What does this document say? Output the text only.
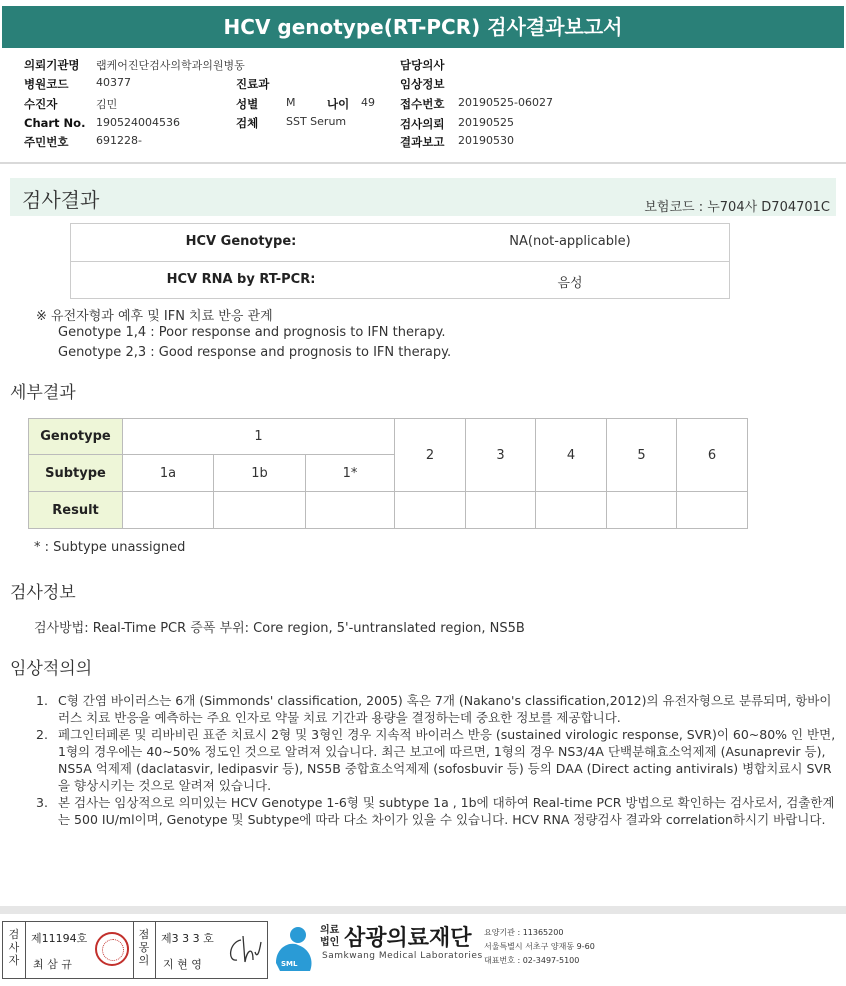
HCV genotype(RT-PCR) 검사결과보고서
의뢰기관명 랩케어진단검사의학과의원병동
병원코드	40377
수진자	김민
Chart No. 190524004536
주민번호	691228-
진료과
성별	M	나이 49
검체	SST Serum
담당의사
임상정보
접수번호 20190525-06027
검사의뢰 20190525
결과보고 20190530
검사결과	보험코드 : 누704사 D704701C
HCV Genotype:	NA(not-applicable)
HCV RNA by RT-PCR:	음성
※ 유전자형과 예후 및 IFN 치료 반응 관계
Genotype 1,4 : Poor response and prognosis to IFN therapy.
Genotype 2,3 : Good response and prognosis to IFN therapy.
세부결과
Genotype	1			2	3	4	5	6
Subtype	1a	1b	1*					
Result								
* : Subtype unassigned
검사정보
검사방법: Real-Time PCR 증폭 부위: Core region, 5'-untranslated region, NS5B
임상적의의
1. C형 간염 바이러스는 6개 (Simmonds' classification, 2005) 혹은 7개 (Nakano's classification,2012)의 유전자형으로 분류되며, 항바이러스 치료 반응을 예측하는 주요 인자로 약물 치료 기간과 용량을 결정하는데 중요한 정보를 제공합니다.
2. 페그인터페론 및 리바비린 표준 치료시 2형 및 3형인 경우 지속적 바이러스 반응 (sustained virologic response, SVR)이 60~80% 인 반면, 1형의 경우에는 40~50% 정도인 것으로 알려져 있습니다. 최근 보고에 따르면, 1형의 경우 NS3/4A 단백분해효소억제제 (Asunaprevir 등), NS5A 억제제 (daclatasvir, ledipasvir 등), NS5B 중합효소억제제 (sofosbuvir 등) 등의 DAA (Direct acting antivirals) 병합치료시 SVR을 향상시키는 것으로 알려져 있습니다.
3. 본 검사는 임상적으로 의미있는 HCV Genotype 1-6형 및 subtype 1a , 1b에 대하여 Real-time PCR 방법으로 확인하는 검사로서, 검출한계는 500 IU/ml이며, Genotype 및 Subtype에 따라 다소 차이가 있을 수 있습니다. HCV RNA 정량검사 결과와 correlation하시기 바랍니다.
검사자
제11194호
최 삼 규
점몽의
제3 3 3 호
지 현 영	SML
의료
법인 삼광의료재단
Samkwang Medical Laboratories
요양기관 : 11365200
서울특별시 서초구 양재동 9-60
대표번호 : 02-3497-5100
